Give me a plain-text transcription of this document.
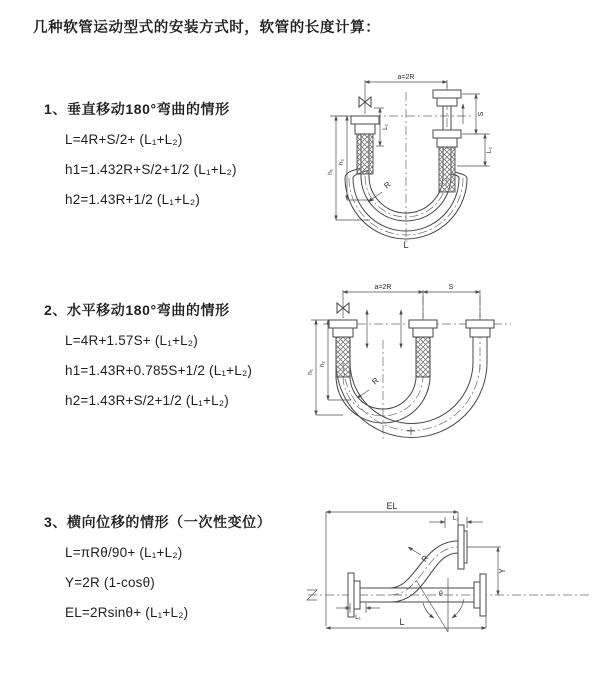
几种软管运动型式的安装方式时，软管的长度计算：
1、垂直移动180°弯曲的情形
L=4R+S/2+ (L₁+L₂)
h1=1.432R+S/2+1/2 (L₁+L₂)
h2=1.43R+1/2 (L₁+L₂)
2、水平移动180°弯曲的情形
L=4R+1.57S+ (L₁+L₂)
h1=1.43R+0.785S+1/2 (L₁+L₂)
h2=1.43R+S/2+1/2 (L₁+L₂)
3、横向位移的情形（一次性变位）
L=πRθ/90+ (L₁+L₂)
Y=2R (1-cosθ)
EL=2Rsinθ+ (L₁+L₂)
a=2R
S
L₂
L₁
h₁
h₂
R
L
a=2R	S
h₁
h₂
R
EL
L
L₂
L₁
Y
R
θ
